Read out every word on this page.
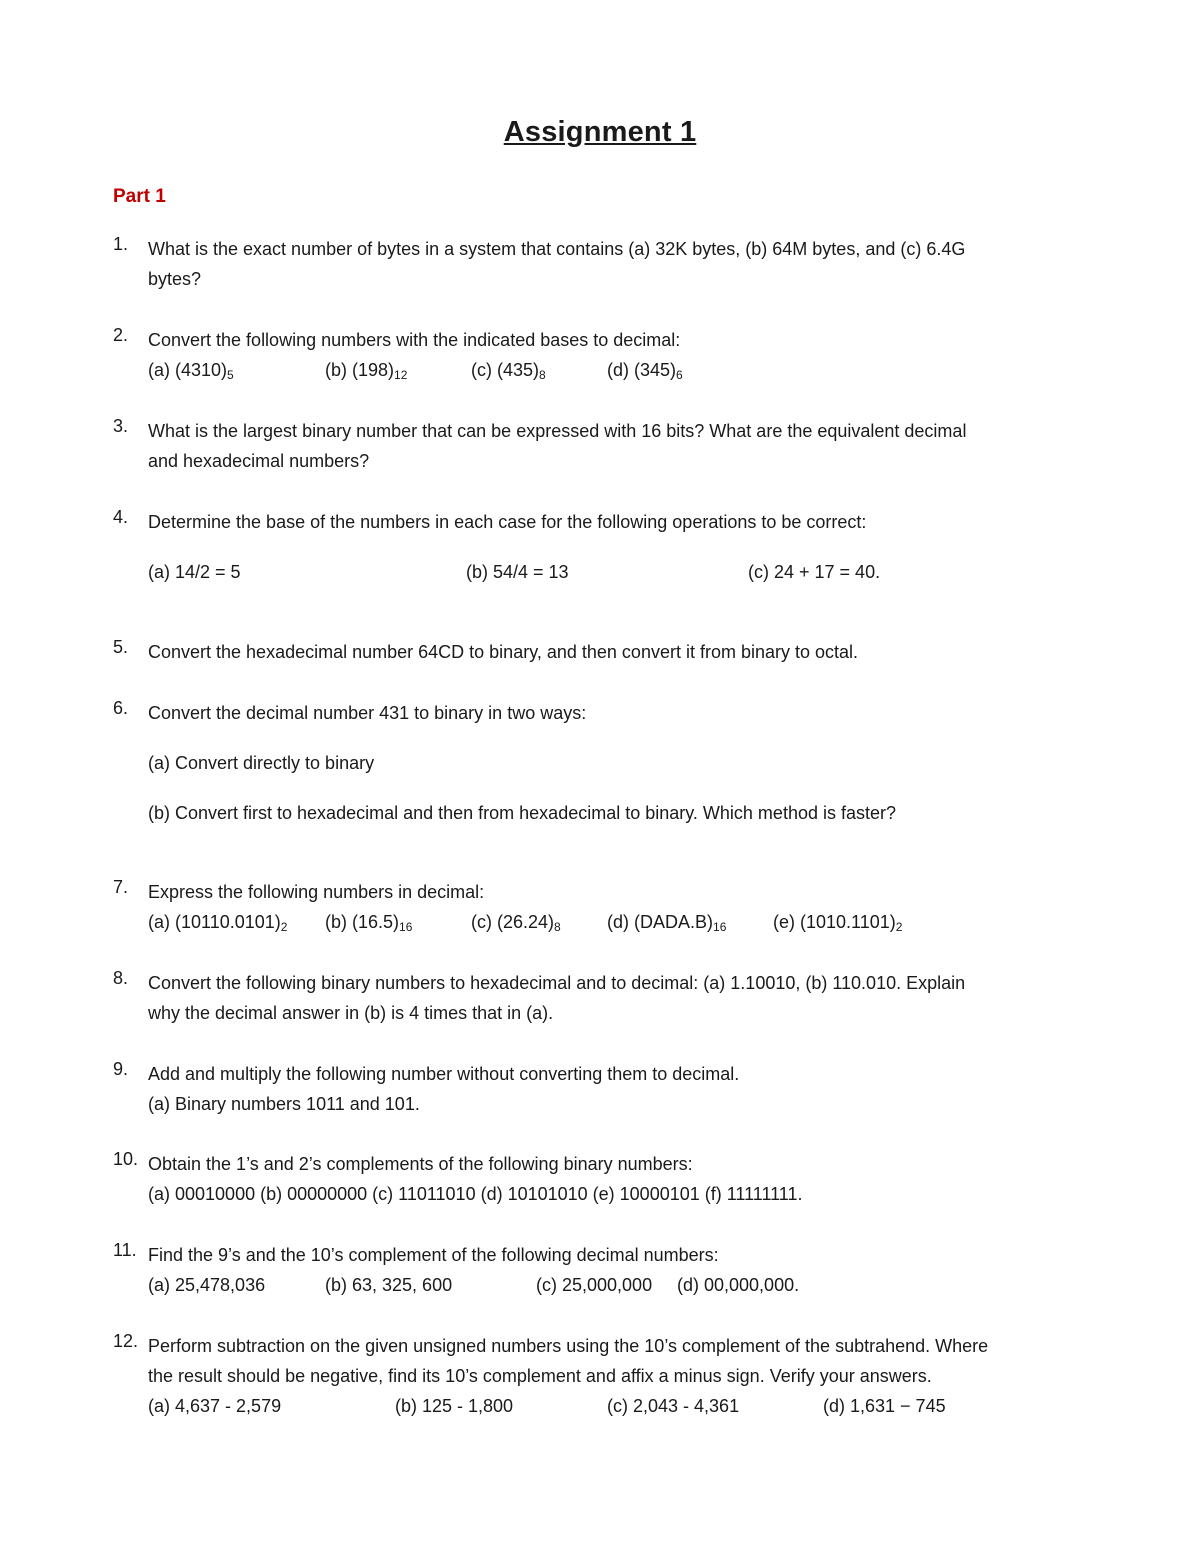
Assignment 1
Part 1
1.	What is the exact number of bytes in a system that contains (a) 32K bytes, (b) 64M bytes, and (c) 6.4G
bytes?
2.	Convert the following numbers with the indicated bases to decimal:
(a) $(4310)_5$	(b) $(198)_{12}$	(c) $(435)_8$	(d) $(345)_6$
3.	What is the largest binary number that can be expressed with 16 bits? What are the equivalent decimal
and hexadecimal numbers?
4.	Determine the base of the numbers in each case for the following operations to be correct:
(a) 14/2 = 5	(b) 54/4 = 13	(c) 24 + 17 = 40.
5.	Convert the hexadecimal number 64CD to binary, and then convert it from binary to octal.
6.	Convert the decimal number 431 to binary in two ways:
(a) Convert directly to binary
(b) Convert first to hexadecimal and then from hexadecimal to binary. Which method is faster?
7.	Express the following numbers in decimal:
(a) $(10110.0101)_2$ (b) $(16.5)_{16}$	(c) $(26.24)_8$	(d) $(DADA.B)_{16}$	(e) $(1010.1101)_2$
8.	Convert the following binary numbers to hexadecimal and to decimal: (a) 1.10010, (b) 110.010. Explain
why the decimal answer in (b) is 4 times that in (a).
9.	Add and multiply the following number without converting them to decimal.
(a) Binary numbers 1011 and 101.
10. Obtain the 1’s and 2’s complements of the following binary numbers:
(a) 00010000 (b) 00000000 (c) 11011010 (d) 10101010 (e) 10000101 (f) 11111111.
11. Find the 9’s and the 10’s complement of the following decimal numbers:
(a) 25,478,036	(b) 63, 325, 600	(c) 25,000,000 (d) 00,000,000.
12. Perform subtraction on the given unsigned numbers using the 10’s complement of the subtrahend. Where
the result should be negative, find its 10’s complement and affix a minus sign. Verify your answers.
(a) 4,637 - 2,579	(b) 125 - 1,800	(c) 2,043 - 4,361	(d) 1,631 − 745
